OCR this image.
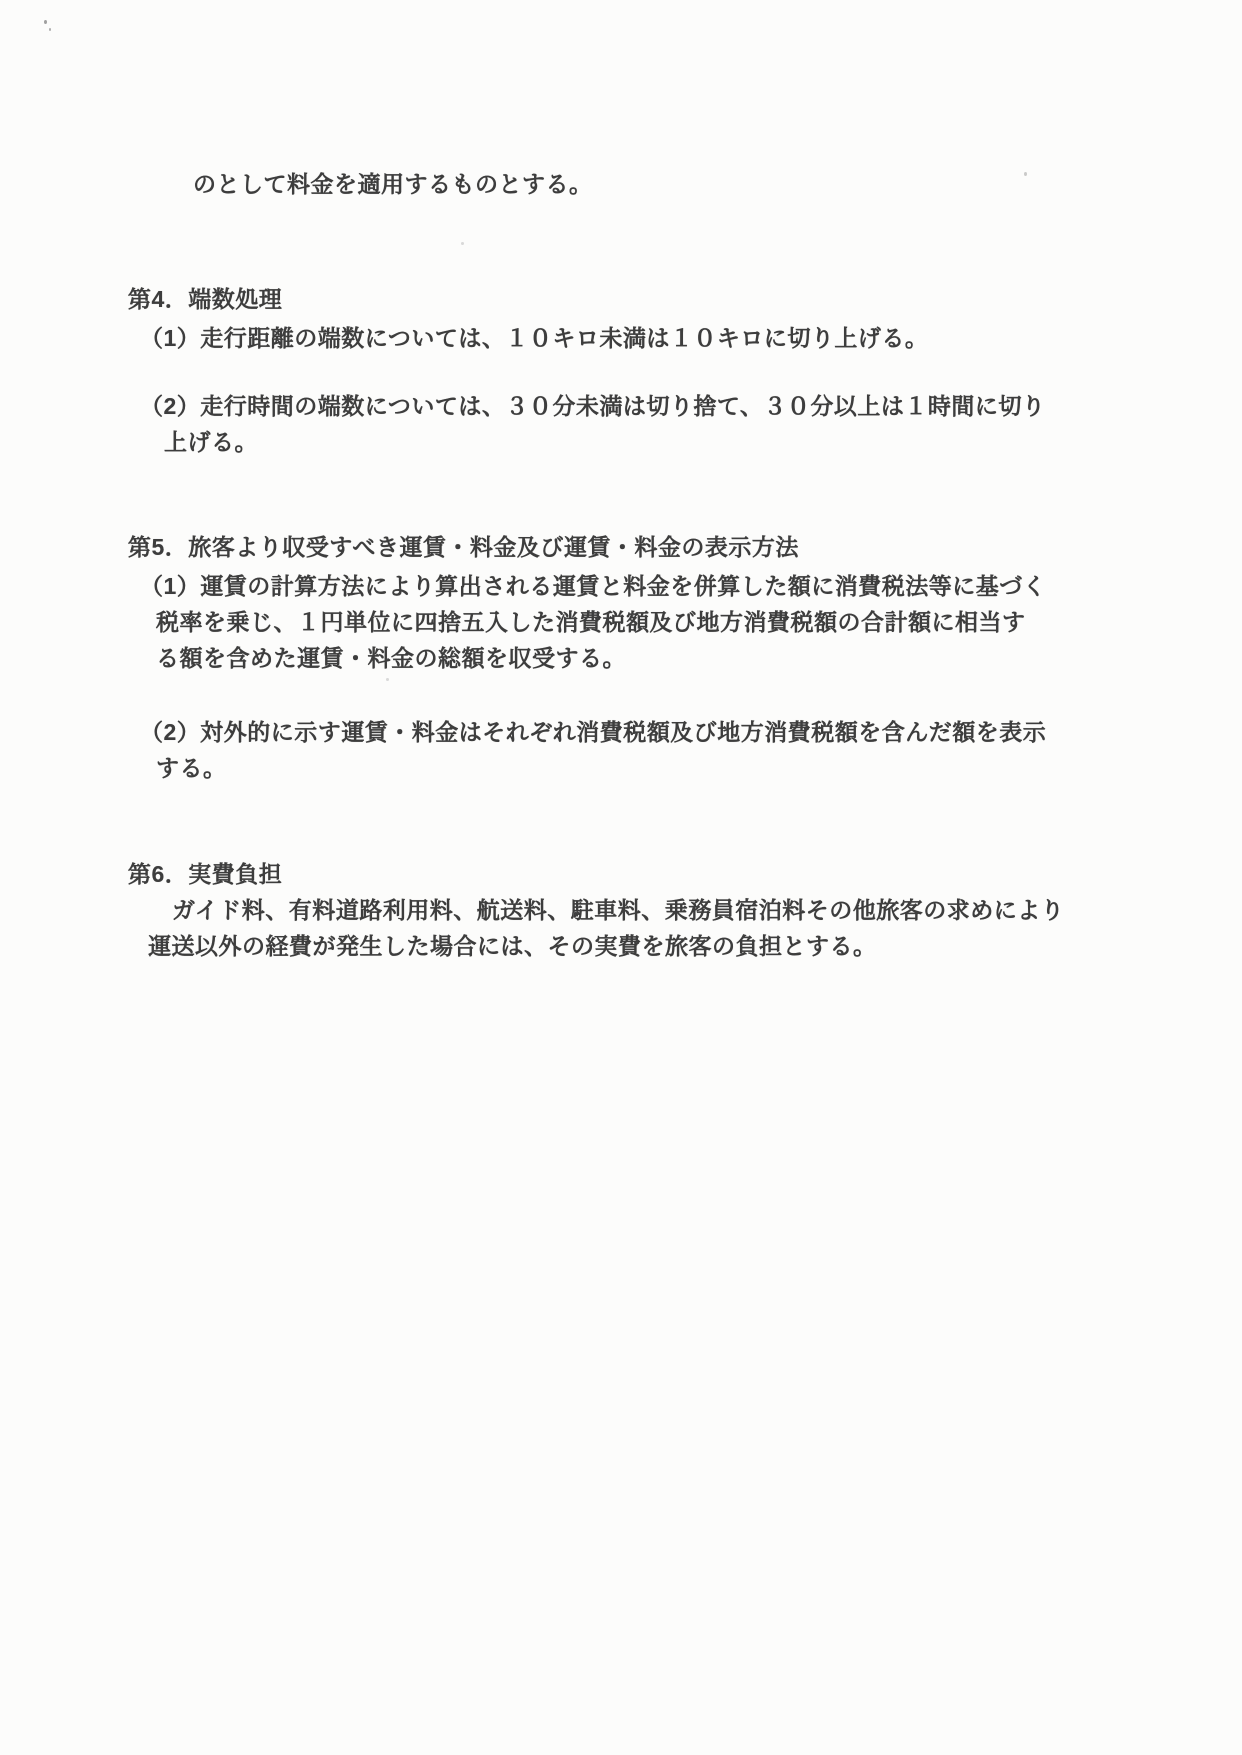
のとして料金を適用するものとする。
第4．端数処理
（1）走行距離の端数については、１０キロ未満は１０キロに切り上げる。
（2）走行時間の端数については、３０分未満は切り捨て、３０分以上は１時間に切り
上げる。
第5．旅客より収受すべき運賃・料金及び運賃・料金の表示方法
（1）運賃の計算方法により算出される運賃と料金を併算した額に消費税法等に基づく
税率を乗じ、１円単位に四捨五入した消費税額及び地方消費税額の合計額に相当す
る額を含めた運賃・料金の総額を収受する。
（2）対外的に示す運賃・料金はそれぞれ消費税額及び地方消費税額を含んだ額を表示
する。
第6．実費負担
ガイド料、有料道路利用料、航送料、駐車料、乗務員宿泊料その他旅客の求めにより
運送以外の経費が発生した場合には、その実費を旅客の負担とする。
